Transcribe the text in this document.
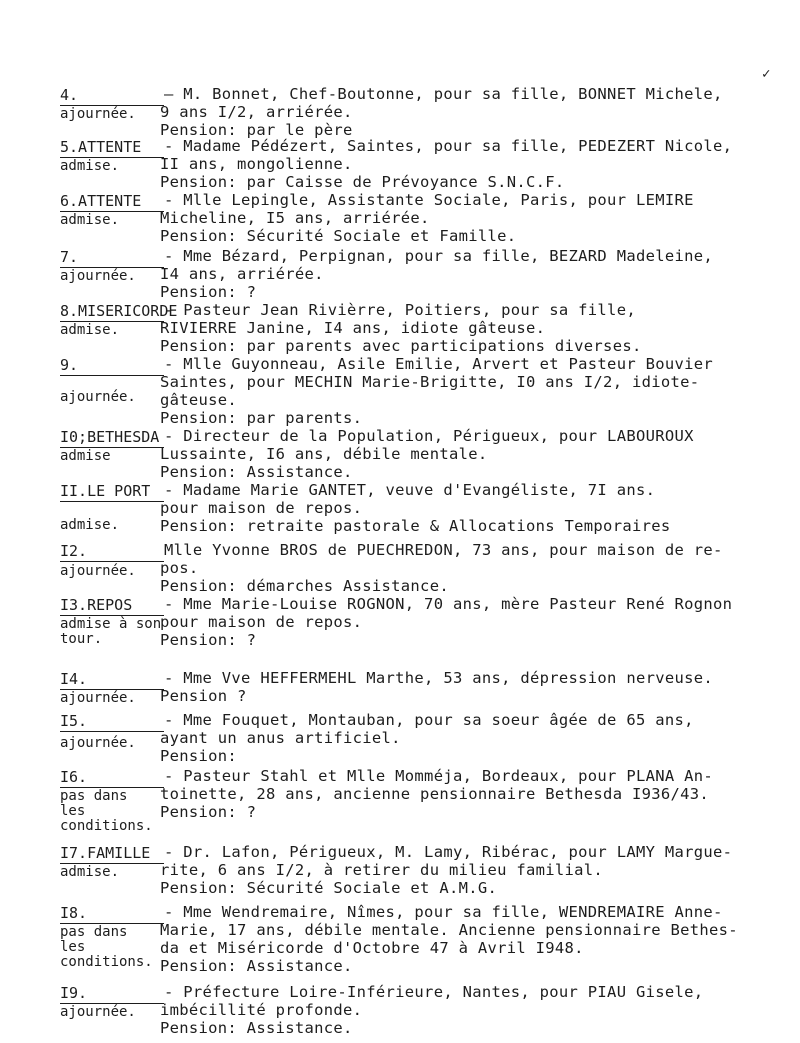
✓
4.
ajournée.
– M. Bonnet, Chef-Boutonne, pour sa fille, BONNET Michele,
9 ans I/2, arriérée.
Pension: par le père
5.ATTENTE
admise.
- Madame Pédézert, Saintes, pour sa fille, PEDEZERT Nicole,
II ans, mongolienne.
Pension: par Caisse de Prévoyance S.N.C.F.
6.ATTENTE
admise.
- Mlle Lepingle, Assistante Sociale, Paris, pour LEMIRE
Micheline, I5 ans, arriérée.
Pension: Sécurité Sociale et Famille.
7.
ajournée.
- Mme Bézard, Perpignan, pour sa fille, BEZARD Madeleine,
I4 ans, arriérée.
Pension: ?
8.MISERICORDE
admise.
- Pasteur Jean Rivièrre, Poitiers, pour sa fille,
RIVIERRE Janine, I4 ans, idiote gâteuse.
Pension: par parents avec participations diverses.
9.
ajournée.
- Mlle Guyonneau, Asile Emilie, Arvert et Pasteur Bouvier
Saintes, pour MECHIN Marie-Brigitte, I0 ans I/2, idiote-
gâteuse.
Pension: par parents.
I0;BETHESDA
admise
- Directeur de la Population, Périgueux, pour LABOUROUX
Lussainte, I6 ans, débile mentale.
Pension: Assistance.
II.LE PORT
admise.
- Madame Marie GANTET, veuve d'Evangéliste, 7I ans.
pour maison de repos.
Pension: retraite pastorale & Allocations Temporaires
I2.
ajournée.
Mlle Yvonne BROS de PUECHREDON, 73 ans, pour maison de re-
pos.
Pension: démarches Assistance.
I3.REPOS
admise à son tour.
- Mme Marie-Louise ROGNON, 70 ans, mère Pasteur René Rognon
pour maison de repos.
Pension: ?
I4.
ajournée.
- Mme Vve HEFFERMEHL Marthe, 53 ans, dépression nerveuse.
Pension ?
I5.
ajournée.
- Mme Fouquet, Montauban, pour sa soeur âgée de 65 ans,
ayant un anus artificiel.
Pension:
I6.
pas dans les conditions.
- Pasteur Stahl et Mlle Momméja, Bordeaux, pour PLANA An-
toinette, 28 ans, ancienne pensionnaire Bethesda I936/43.
Pension: ?
I7.FAMILLE
admise.
- Dr. Lafon, Périgueux, M. Lamy, Ribérac, pour LAMY Margue-
rite, 6 ans I/2, à retirer du milieu familial.
Pension: Sécurité Sociale et A.M.G.
I8.
pas dans les conditions.
- Mme Wendremaire, Nîmes, pour sa fille, WENDREMAIRE Anne-
Marie, 17 ans, débile mentale. Ancienne pensionnaire Bethes-
da et Miséricorde d'Octobre 47 à Avril I948.
Pension: Assistance.
I9.
ajournée.
- Préfecture Loire-Inférieure, Nantes, pour PIAU Gisele,
imbécillité profonde.
Pension: Assistance.
